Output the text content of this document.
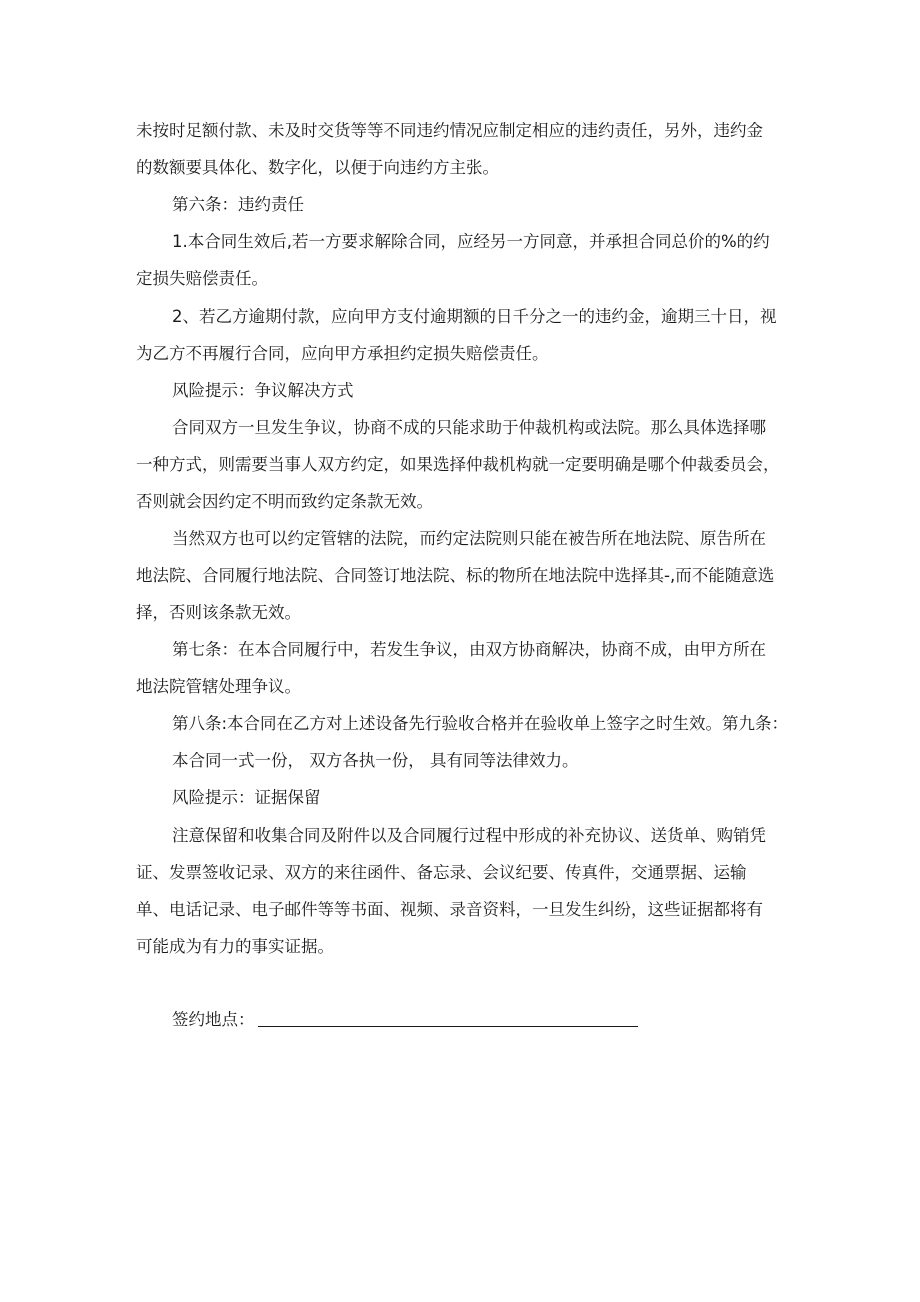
未按时足额付款、未及时交货等等不同违约情况应制定相应的违约责任，另外，违约金

的数额要具体化、数字化，以便于向违约方主张。

第六条：违约责任

1.本合同生效后,若一方要求解除合同，应经另一方同意，并承担合同总价的%的约

定损失赔偿责任。

2、若乙方逾期付款，应向甲方支付逾期额的日千分之一的违约金，逾期三十日，视

为乙方不再履行合同，应向甲方承担约定损失赔偿责任。

风险提示：争议解决方式

合同双方一旦发生争议，协商不成的只能求助于仲裁机构或法院。那么具体选择哪

一种方式，则需要当事人双方约定，如果选择仲裁机构就一定要明确是哪个仲裁委员会，

否则就会因约定不明而致约定条款无效。

当然双方也可以约定管辖的法院，而约定法院则只能在被告所在地法院、原告所在

地法院、合同履行地法院、合同签订地法院、标的物所在地法院中选择其-,而不能随意选

择，否则该条款无效。

第七条：在本合同履行中，若发生争议，由双方协商解决，协商不成，由甲方所在

地法院管辖处理争议。

第八条:本合同在乙方对上述设备先行验收合格并在验收单上签字之时生效。第九条：

本合同一式一份， 双方各执一份， 具有同等法律效力。

风险提示：证据保留

注意保留和收集合同及附件以及合同履行过程中形成的补充协议、送货单、购销凭

证、发票签收记录、双方的来往函件、备忘录、会议纪要、传真件，交通票据、运输

单、电话记录、电子邮件等等书面、视频、录音资料，一旦发生纠纷，这些证据都将有

可能成为有力的事实证据。

签约地点：
